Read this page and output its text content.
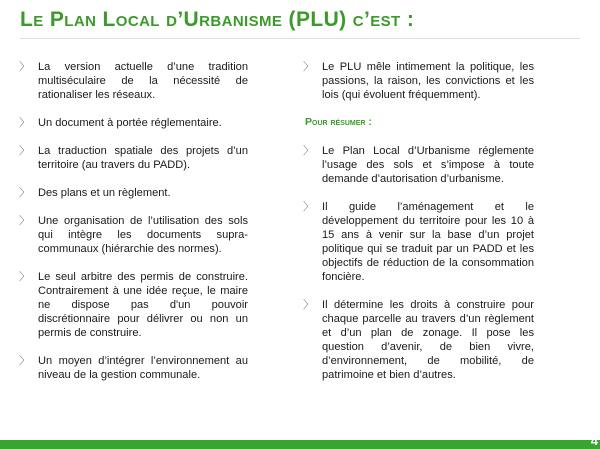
Le Plan Local d’Urbanisme (PLU) c’est :
〉 La version actuelle d’une tradition multiséculaire de la nécessité de rationaliser les réseaux.
〉 Un document à portée réglementaire.
〉 La traduction spatiale des projets d’un territoire (au travers du PADD).
〉 Des plans et un règlement.
〉 Une organisation de l’utilisation des sols qui intègre les documents supra-communaux (hiérarchie des normes).
〉 Le seul arbitre des permis de construire. Contrairement à une idée reçue, le maire ne dispose pas d'un pouvoir discrétionnaire pour délivrer ou non un permis de construire.
〉 Un moyen d’intégrer l’environnement au niveau de la gestion communale.
〉 Le PLU mêle intimement la politique, les passions, la raison, les convictions et les lois (qui évoluent fréquemment).
Pour résumer :
〉 Le Plan Local d’Urbanisme réglemente l’usage des sols et s’impose à toute demande d’autorisation d’urbanisme.
〉 Il guide l’aménagement et le développement du territoire pour les 10 à 15 ans à venir sur la base d’un projet politique qui se traduit par un PADD et les objectifs de réduction de la consommation foncière.
〉 Il détermine les droits à construire pour chaque parcelle au travers d’un règlement et d’un plan de zonage. Il pose les question d’avenir, de bien vivre, d’environnement, de mobilité, de patrimoine et bien d’autres.
4
